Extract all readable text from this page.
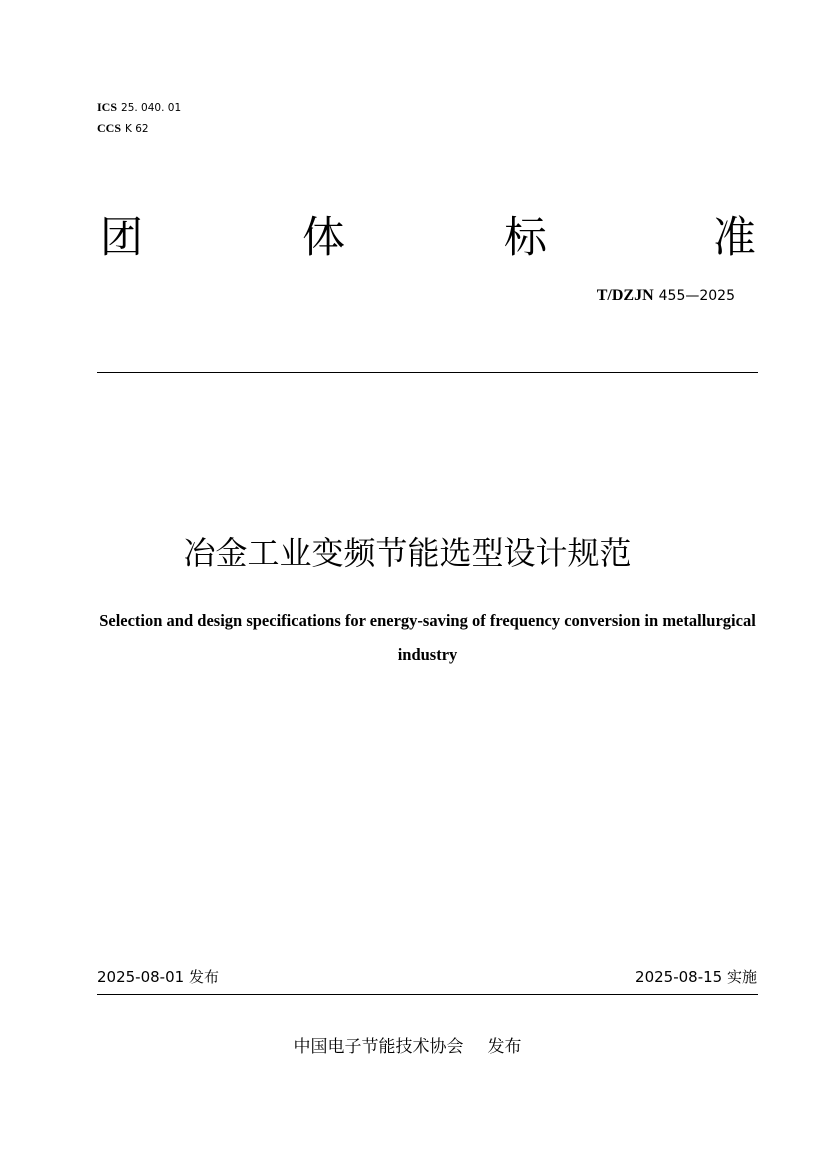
ICS 25. 040. 01
CCS K 62
团	体	标	准
T/DZJN 455—2025
冶金工业变频节能选型设计规范
Selection and design specifications for energy-saving of frequency conversion in metallurgical industry
2025-08-01 发布	2025-08-15 实施
中国电子节能技术协会 发布
